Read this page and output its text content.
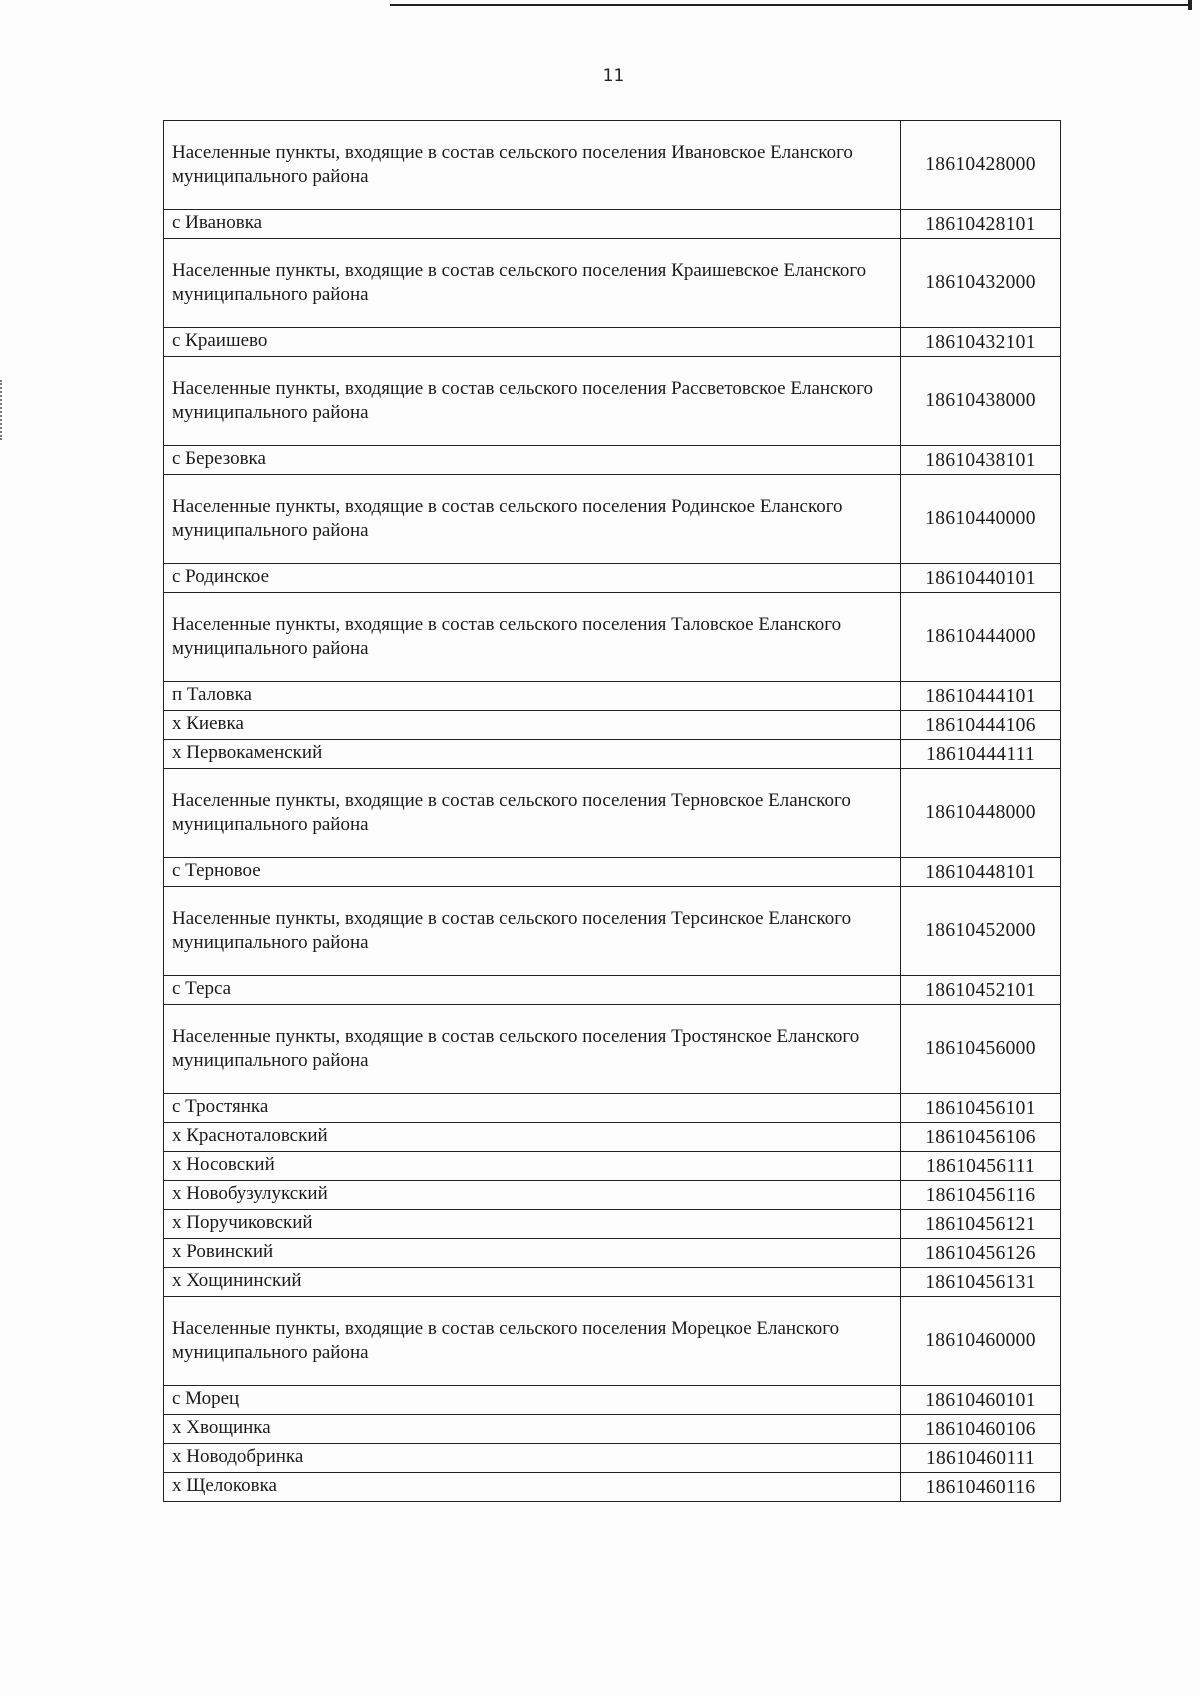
11
Населенные пункты, входящие в состав сельского поселения Ивановское Еланского муниципального района	18610428000
с Ивановка	18610428101
Населенные пункты, входящие в состав сельского поселения Краишевское Еланского муниципального района	18610432000
с Краишево	18610432101
Населенные пункты, входящие в состав сельского поселения Рассветовское Еланского муниципального района	18610438000
с Березовка	18610438101
Населенные пункты, входящие в состав сельского поселения Родинское Еланского муниципального района	18610440000
с Родинское	18610440101
Населенные пункты, входящие в состав сельского поселения Таловское Еланского муниципального района	18610444000
п Таловка	18610444101
х Киевка	18610444106
х Первокаменский	18610444111
Населенные пункты, входящие в состав сельского поселения Терновское Еланского муниципального района	18610448000
с Терновое	18610448101
Населенные пункты, входящие в состав сельского поселения Терсинское Еланского муниципального района	18610452000
с Терса	18610452101
Населенные пункты, входящие в состав сельского поселения Тростянское Еланского муниципального района	18610456000
с Тростянка	18610456101
х Красноталовский	18610456106
х Носовский	18610456111
х Новобузулукский	18610456116
х Поручиковский	18610456121
х Ровинский	18610456126
х Хощининский	18610456131
Населенные пункты, входящие в состав сельского поселения Морецкое Еланского муниципального района	18610460000
с Морец	18610460101
х Хвощинка	18610460106
х Новодобринка	18610460111
х Щелоковка	18610460116
